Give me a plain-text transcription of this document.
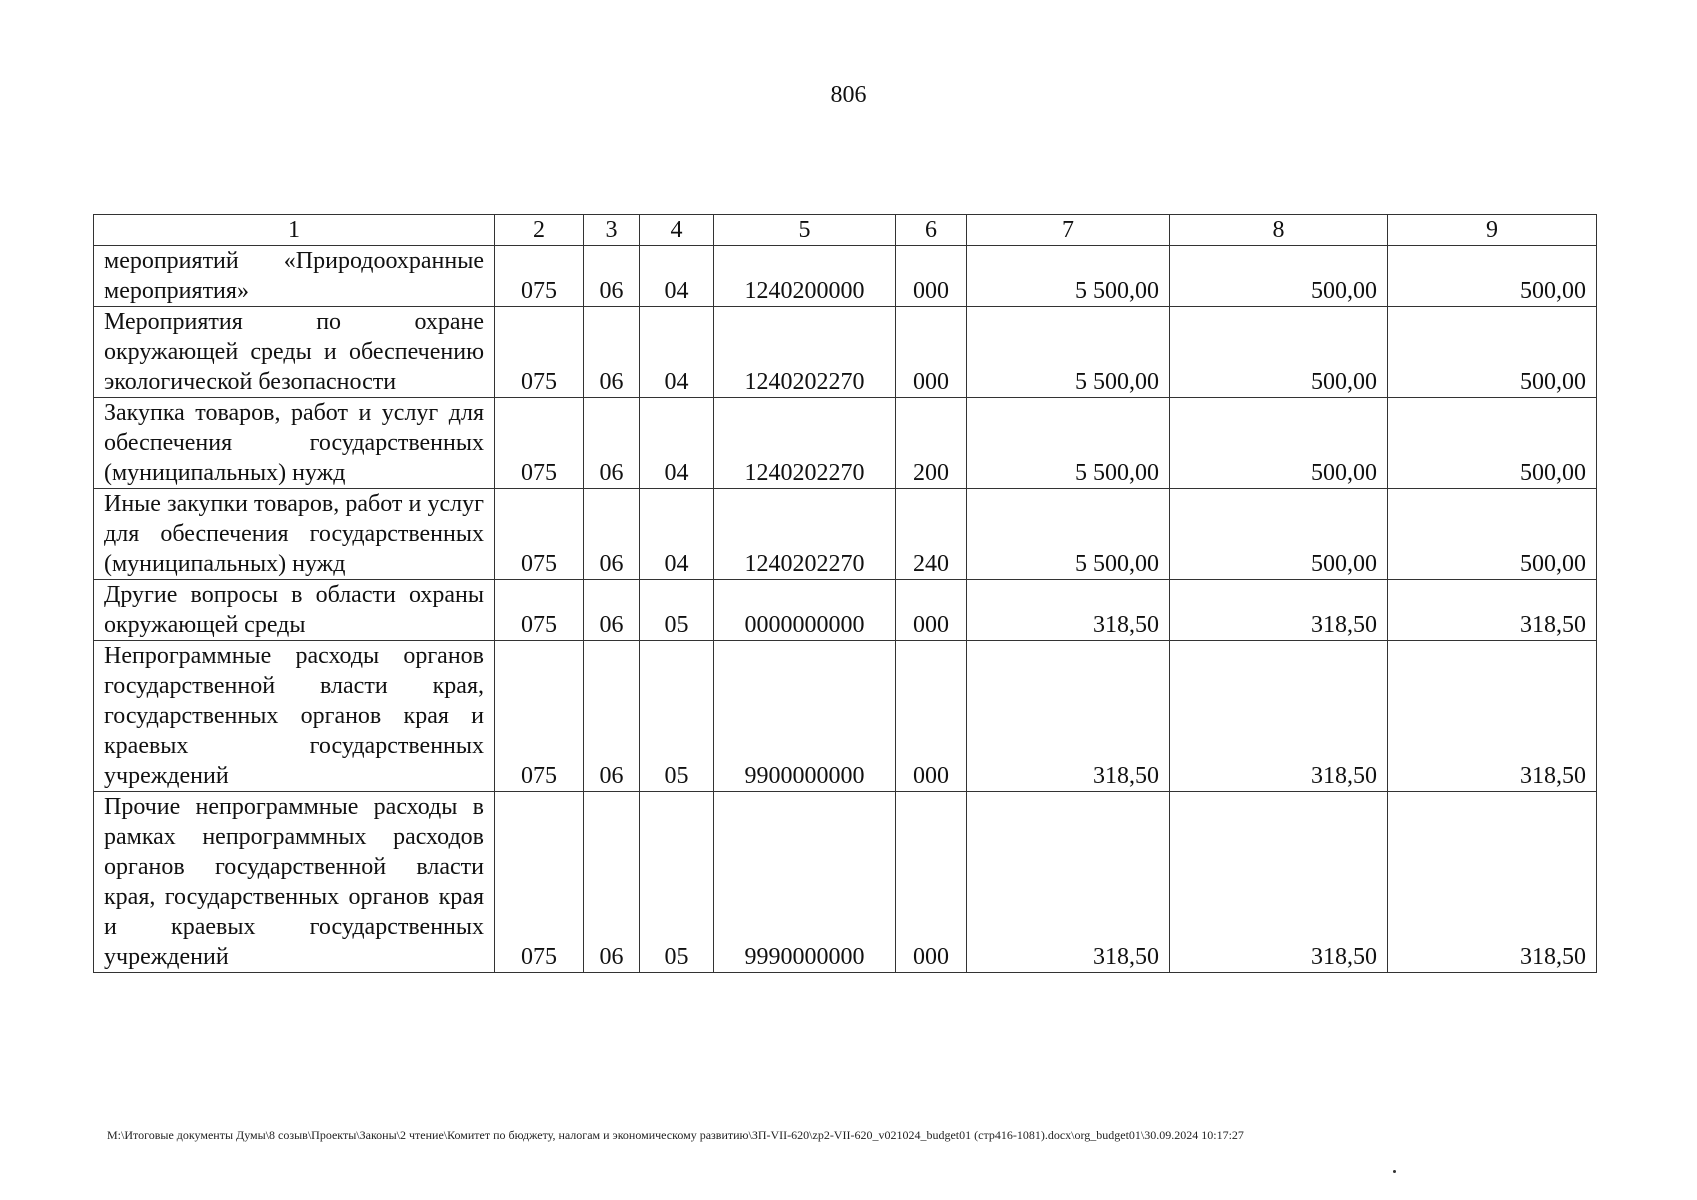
806
1	2	3	4	5	6	7	8	9
мероприятий «Природоохранные мероприятия»	075	06	04	1240200000	000	5 500,00	500,00	500,00
Мероприятия по охране окружающей среды и обеспечению экологической безопасности	075	06	04	1240202270	000	5 500,00	500,00	500,00
Закупка товаров, работ и услуг для обеспечения государственных (муниципальных) нужд	075	06	04	1240202270	200	5 500,00	500,00	500,00
Иные закупки товаров, работ и услуг для обеспечения государственных (муниципальных) нужд	075	06	04	1240202270	240	5 500,00	500,00	500,00
Другие вопросы в области охраны окружающей среды	075	06	05	0000000000	000	318,50	318,50	318,50
Непрограммные расходы органов государственной власти края, государственных органов края и краевых государственных учреждений	075	06	05	9900000000	000	318,50	318,50	318,50
Прочие непрограммные расходы в рамках непрограммных расходов органов государственной власти края, государственных органов края и краевых государственных учреждений	075	06	05	9990000000	000	318,50	318,50	318,50
М:\Итоговые документы Думы\8 созыв\Проекты\Законы\2 чтение\Комитет по бюджету, налогам и экономическому развитию\ЗП-VII-620\zp2-VII-620_v021024_budget01 (стр416-1081).docx\org_budget01\30.09.2024 10:17:27
